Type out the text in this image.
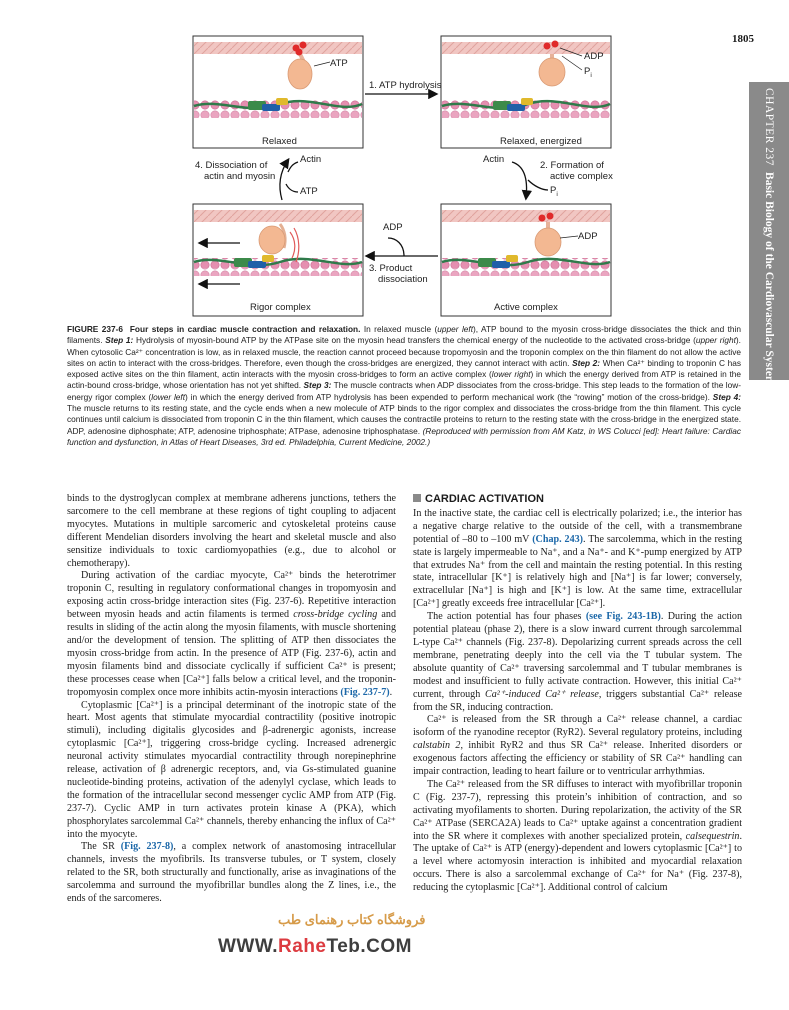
1805
CHAPTER 237
Basic Biology of the Cardiovascular System
ATP
ADP
$P_i$
1. ATP hydrolysis
Relaxed	Relaxed, energized
Actin
4. Dissociation of
actin and myosin
ATP
Actin
2. Formation of
active complex
$P_i$
ADP
ADP
3. Product
dissociation
Rigor complex	Active complex
FIGURE 237-6 Four steps in cardiac muscle contraction and relaxation. In relaxed muscle (upper left), ATP bound to the myosin cross-bridge dissociates the thick and thin filaments. Step 1: Hydrolysis of myosin-bound ATP by the ATPase site on the myosin head transfers the chemical energy of the nucleotide to the activated cross-bridge (upper right). When cytosolic Ca²⁺ concentration is low, as in relaxed muscle, the reaction cannot proceed because tropomyosin and the troponin complex on the thin filament do not allow the active sites on actin to interact with the cross-bridges. Therefore, even though the cross-bridges are energized, they cannot interact with actin. Step 2: When Ca²⁺ binding to troponin C has exposed active sites on the thin filament, actin interacts with the myosin cross-bridges to form an active complex (lower right) in which the energy derived from ATP is retained in the actin-bound cross-bridge, whose orientation has not yet shifted. Step 3: The muscle contracts when ADP dissociates from the cross-bridge. This step leads to the formation of the low-energy rigor complex (lower left) in which the energy derived from ATP hydrolysis has been expended to perform mechanical work (the “rowing” motion of the cross-bridge). Step 4: The muscle returns to its resting state, and the cycle ends when a new molecule of ATP binds to the rigor complex and dissociates the cross-bridge from the thin filament. This cycle continues until calcium is dissociated from troponin C in the thin filament, which causes the contractile proteins to return to the resting state with the cross-bridge in the energized state. ADP, adenosine diphosphate; ATP, adenosine triphosphate; ATPase, adenosine triphosphatase. (Reproduced with permission from AM Katz, in WS Colucci [ed]: Heart failure: Cardiac function and dysfunction, in Atlas of Heart Diseases, 3rd ed. Philadelphia, Current Medicine, 2002.)

binds to the dystroglycan complex at membrane adherens junctions, tethers the sarcomere to the cell membrane at these regions of tight coupling to adjacent myocytes. Mutations in multiple sarcomeric and cytoskeletal proteins cause different Mendelian disorders involving the heart and skeletal muscle and also sensitize individuals to toxic cardiomyopathies (e.g., due to alcohol or chemotherapy).

During activation of the cardiac myocyte, Ca²⁺ binds the heterotrimer troponin C, resulting in regulatory conformational changes in tropomyosin and exposing actin cross-bridge interaction sites (Fig. 237-6). Repetitive interaction between myosin heads and actin filaments is termed cross-bridge cycling and results in sliding of the actin along the myosin filaments, with muscle shortening and/or the development of tension. The splitting of ATP then dissociates the myosin cross-bridge from actin. In the presence of ATP (Fig. 237-6), actin and myosin filaments bind and dissociate cyclically if sufficient Ca²⁺ is present; these processes cease when [Ca²⁺] falls below a critical level, and the troponin-tropomyosin complex once more inhibits actin-myosin interactions (Fig. 237-7).

Cytoplasmic [Ca²⁺] is a principal determinant of the inotropic state of the heart. Most agents that stimulate myocardial contractility (positive inotropic stimuli), including digitalis glycosides and β-adrenergic agonists, increase cytoplasmic [Ca²⁺], triggering cross-bridge cycling. Increased adrenergic neuronal activity stimulates myocardial contractility through norepinephrine release, activation of β adrenergic receptors, and, via Gs-stimulated guanine nucleotide-binding proteins, activation of the adenylyl cyclase, which leads to the formation of the intracellular second messenger cyclic AMP from ATP (Fig. 237-7). Cyclic AMP in turn activates protein kinase A (PKA), which phosphorylates sarcolemmal Ca²⁺ channels, thereby enhancing the influx of Ca²⁺ into the myocyte.

The SR (Fig. 237-8), a complex network of anastomosing intracellular channels, invests the myofibrils. Its transverse tubules, or T system, closely related to the SR, both structurally and functionally, arise as invaginations of the sarcolemma and surround the myofibrillar bundles along the Z lines, i.e., the ends of the sarcomeres.

CARDIAC ACTIVATION

In the inactive state, the cardiac cell is electrically polarized; i.e., the interior has a negative charge relative to the outside of the cell, with a transmembrane potential of –80 to –100 mV (Chap. 243). The sarcolemma, which in the resting state is largely impermeable to Na⁺, and a Na⁺- and K⁺-pump energized by ATP that extrudes Na⁺ from the cell and maintain the resting potential. In this resting state, intracellular [K⁺] is relatively high and [Na⁺] is far lower; conversely, extracellular [Na⁺] is high and [K⁺] is low. At the same time, extracellular [Ca²⁺] greatly exceeds free intracellular [Ca²⁺].

The action potential has four phases (see Fig. 243-1B). During the action potential plateau (phase 2), there is a slow inward current through sarcolemmal L-type Ca²⁺ channels (Fig. 237-8). Depolarizing current spreads across the cell membrane, penetrating deeply into the cell via the T tubular system. The absolute quantity of Ca²⁺ traversing sarcolemmal and T tubular membranes is modest and insufficient to fully activate contraction. However, this initial Ca²⁺ current, through Ca²⁺-induced Ca²⁺ release, triggers substantial Ca²⁺ release from the SR, inducing contraction.

Ca²⁺ is released from the SR through a Ca²⁺ release channel, a cardiac isoform of the ryanodine receptor (RyR2). Several regulatory proteins, including calstabin 2, inhibit RyR2 and thus SR Ca²⁺ release. Inherited disorders or exogenous factors affecting the efficiency or stability of SR Ca²⁺ handling can impair contraction, leading to heart failure or to ventricular arrhythmias.

The Ca²⁺ released from the SR diffuses to interact with myofibrillar troponin C (Fig. 237-7), repressing this protein’s inhibition of contraction, and so activating myofilaments to shorten. During repolarization, the activity of the SR Ca²⁺ ATPase (SERCA2A) leads to Ca²⁺ uptake against a concentration gradient into the SR where it complexes with another specialized protein, calsequestrin. The uptake of Ca²⁺ is ATP (energy)-dependent and lowers cytoplasmic [Ca²⁺] to a level where actomyosin interaction is inhibited and myocardial relaxation occurs. There is also a sarcolemmal exchange of Ca²⁺ for Na⁺ (Fig. 237-8), reducing the cytoplasmic [Ca²⁺]. Additional control of calcium

فروشگاه کتاب رهنمای طب
WWW.RaheTeb.COM
